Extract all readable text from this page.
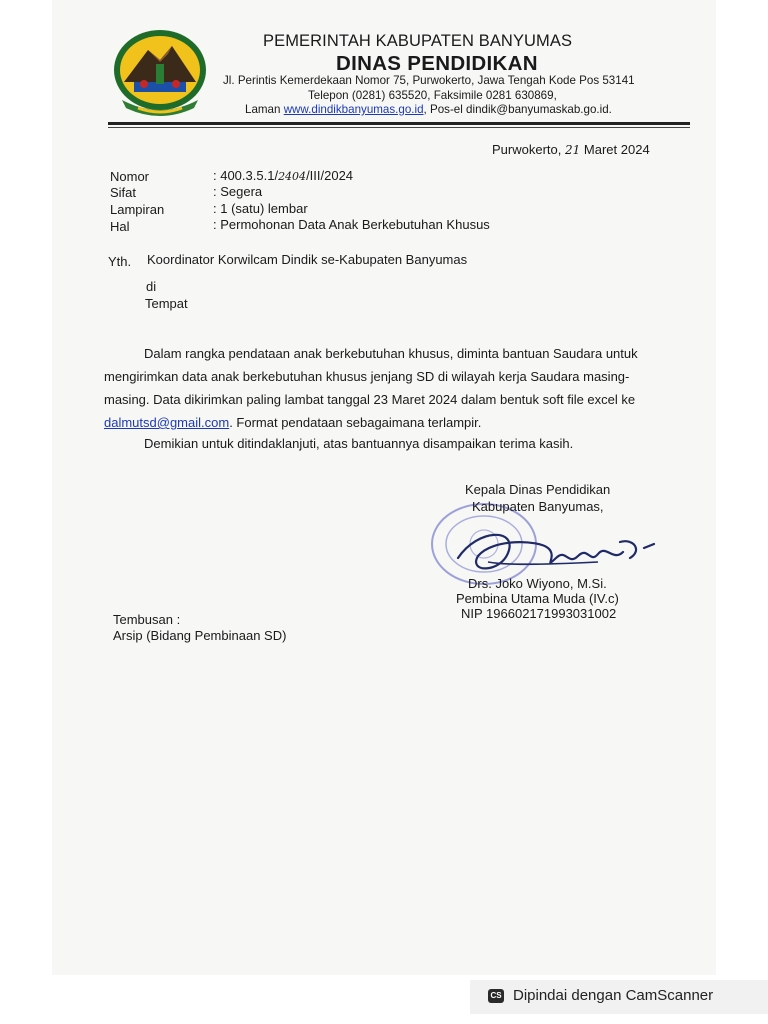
PEMERINTAH KABUPATEN BANYUMAS
DINAS PENDIDIKAN
Jl. Perintis Kemerdekaan Nomor 75, Purwokerto, Jawa Tengah Kode Pos 53141
Telepon (0281) 635520, Faksimile 0281 630869,
Laman www.dindikbanyumas.go.id, Pos-el dindik@banyumaskab.go.id.
Purwokerto, 21 Maret 2024
Nomor	: 400.3.5.1/2404/III/2024
Sifat	: Segera
Lampiran	: 1 (satu) lembar
Hal	: Permohonan Data Anak Berkebutuhan Khusus
Yth. Koordinator Korwilcam Dindik se-Kabupaten Banyumas
di
Tempat
Dalam rangka pendataan anak berkebutuhan khusus, diminta bantuan Saudara untuk
mengirimkan data anak berkebutuhan khusus jenjang SD di wilayah kerja Saudara masing-
masing. Data dikirimkan paling lambat tanggal 23 Maret 2024 dalam bentuk soft file excel ke
dalmutsd@gmail.com. Format pendataan sebagaimana terlampir.
Demikian untuk ditindaklanjuti, atas bantuannya disampaikan terima kasih.
Kepala Dinas Pendidikan
Kabupaten Banyumas,
Drs. Joko Wiyono, M.Si.
Pembina Utama Muda (IV.c)
NIP 196602171993031002
Tembusan :
Arsip (Bidang Pembinaan SD)
CS Dipindai dengan CamScanner
